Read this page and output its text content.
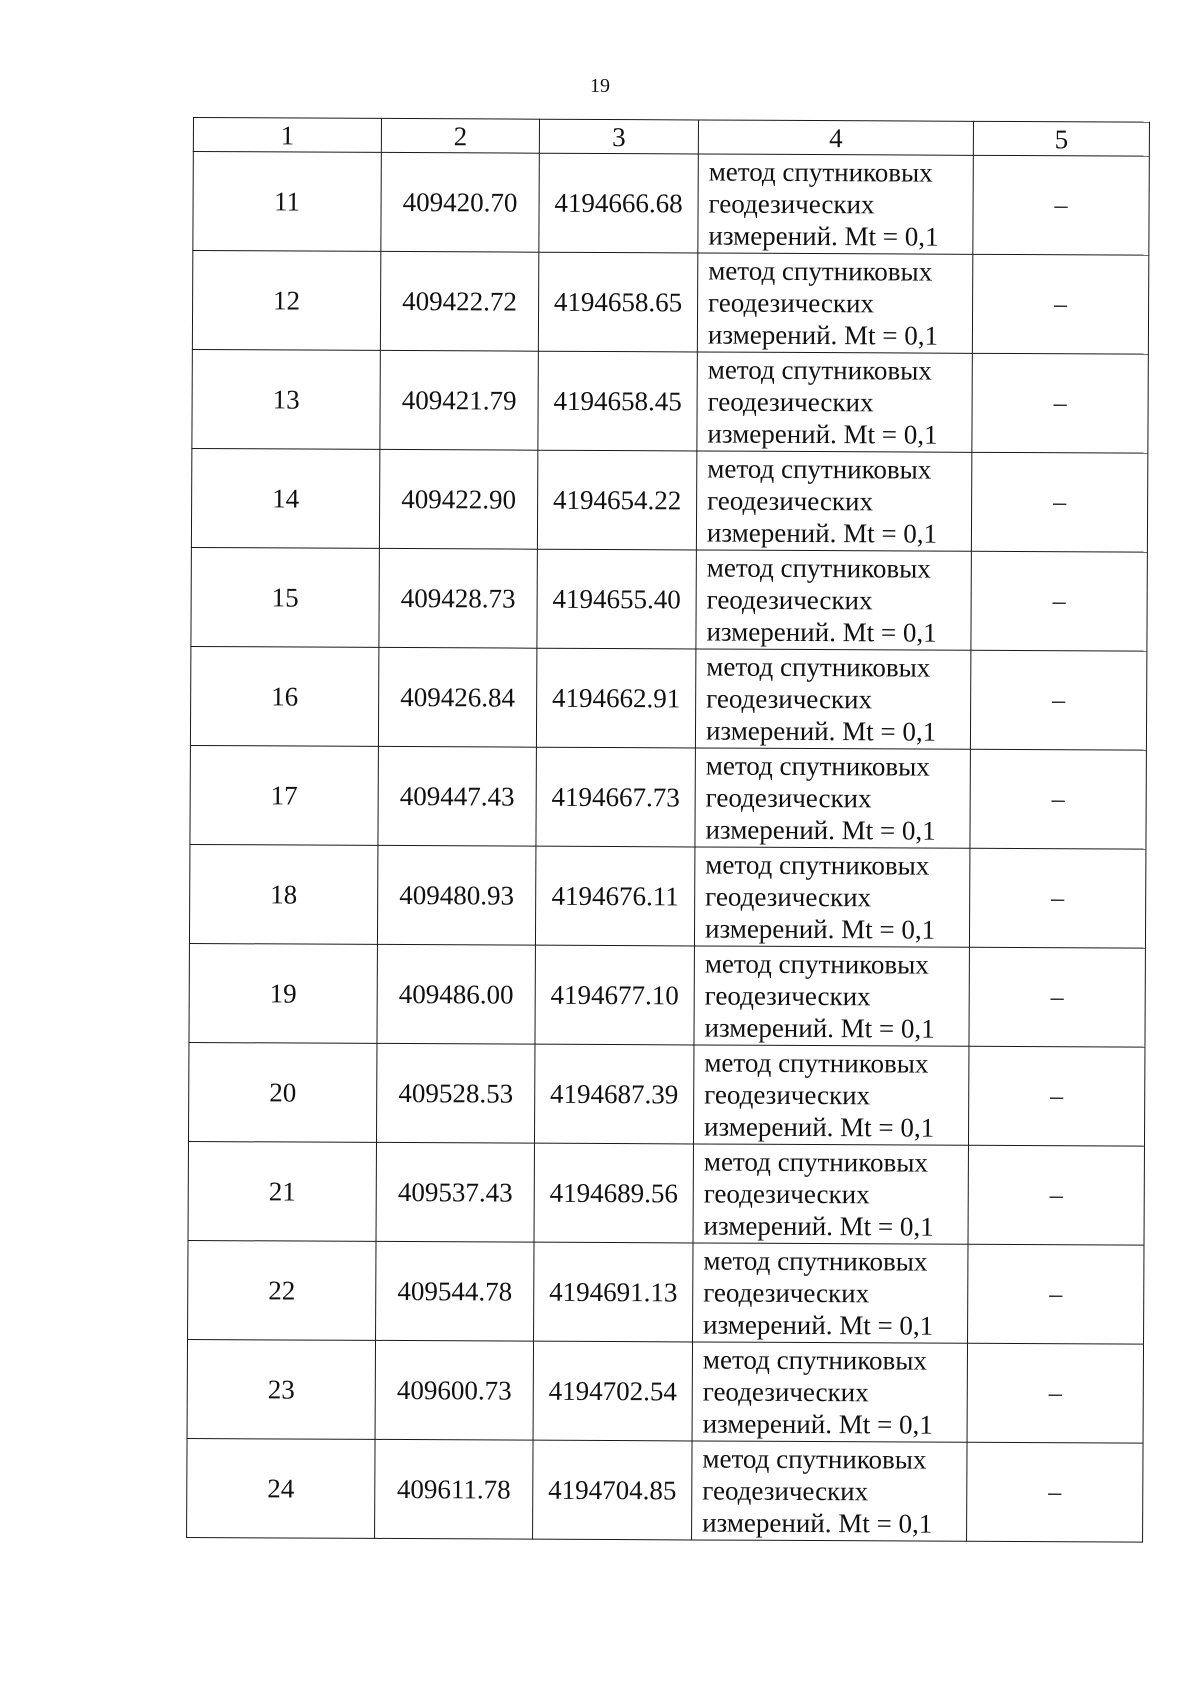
19
1	2	3	4	5
11	409420.70	4194666.68	метод спутниковых
геодезических
измерений. Mt = 0,1	–
12	409422.72	4194658.65	метод спутниковых
геодезических
измерений. Mt = 0,1	–
13	409421.79	4194658.45	метод спутниковых
геодезических
измерений. Mt = 0,1	–
14	409422.90	4194654.22	метод спутниковых
геодезических
измерений. Mt = 0,1	–
15	409428.73	4194655.40	метод спутниковых
геодезических
измерений. Mt = 0,1	–
16	409426.84	4194662.91	метод спутниковых
геодезических
измерений. Mt = 0,1	–
17	409447.43	4194667.73	метод спутниковых
геодезических
измерений. Mt = 0,1	–
18	409480.93	4194676.11	метод спутниковых
геодезических
измерений. Mt = 0,1	–
19	409486.00	4194677.10	метод спутниковых
геодезических
измерений. Mt = 0,1	–
20	409528.53	4194687.39	метод спутниковых
геодезических
измерений. Mt = 0,1	–
21	409537.43	4194689.56	метод спутниковых
геодезических
измерений. Mt = 0,1	–
22	409544.78	4194691.13	метод спутниковых
геодезических
измерений. Mt = 0,1	–
23	409600.73	4194702.54	метод спутниковых
геодезических
измерений. Mt = 0,1	–
24	409611.78	4194704.85	метод спутниковых
геодезических
измерений. Mt = 0,1	–
